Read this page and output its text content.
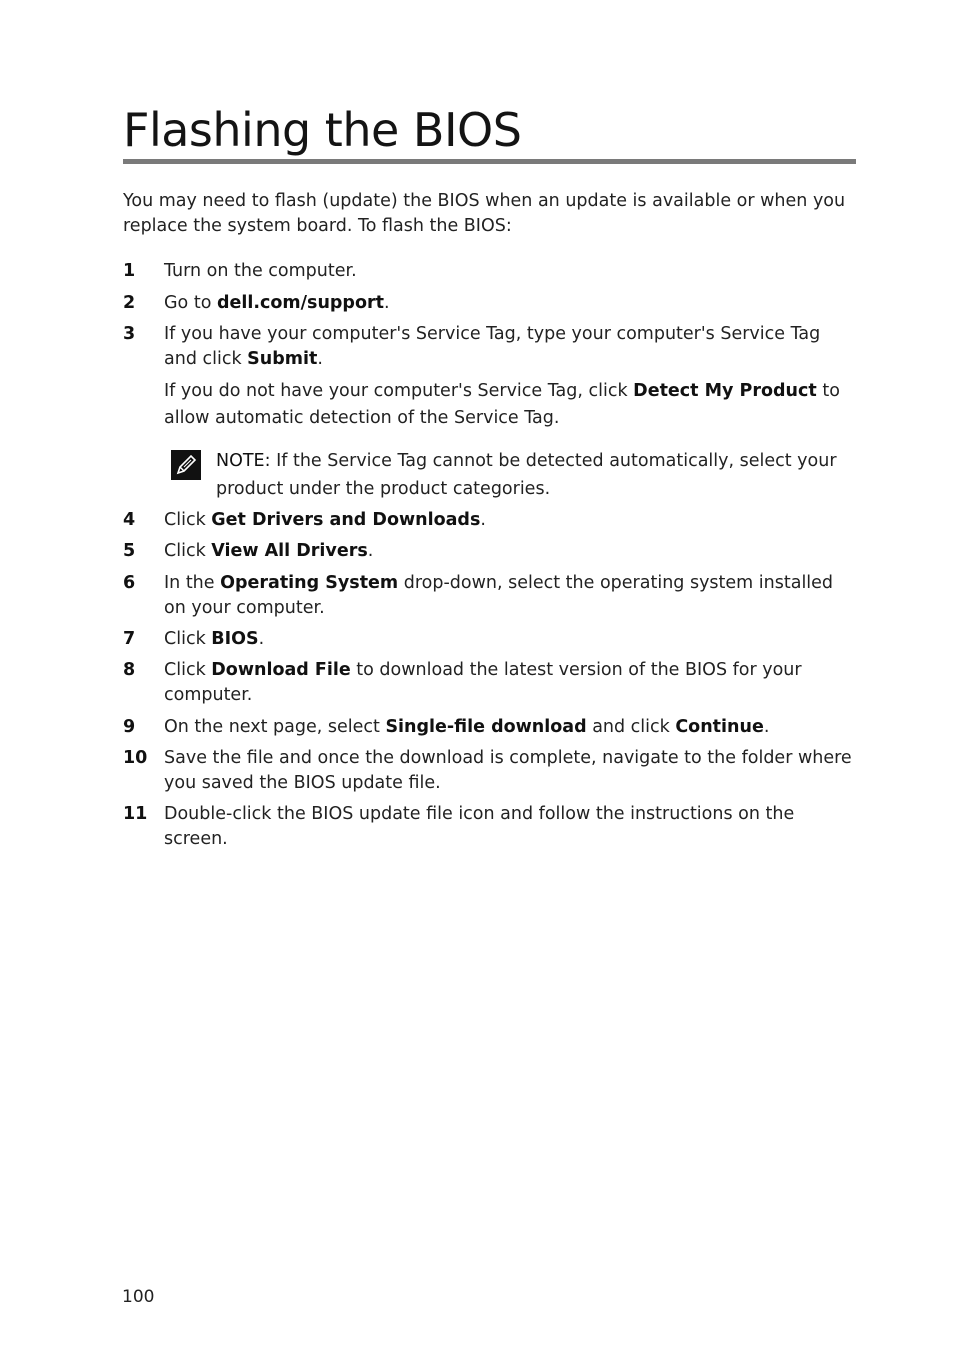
Flashing the BIOS

You may need to flash (update) the BIOS when an update is available or when you replace the system board. To flash the BIOS:

1 Turn on the computer.
2 Go to dell.com/support.
3 If you have your computer's Service Tag, type your computer's Service Tag and click Submit.
If you do not have your computer's Service Tag, click Detect My Product to allow automatic detection of the Service Tag.
NOTE: If the Service Tag cannot be detected automatically, select your product under the product categories.
4 Click Get Drivers and Downloads.
5 Click View All Drivers.
6 In the Operating System drop-down, select the operating system installed on your computer.
7 Click BIOS.
8 Click Download File to download the latest version of the BIOS for your computer.
9 On the next page, select Single-file download and click Continue.
10 Save the file and once the download is complete, navigate to the folder where you saved the BIOS update file.
11 Double-click the BIOS update file icon and follow the instructions on the screen.
100
